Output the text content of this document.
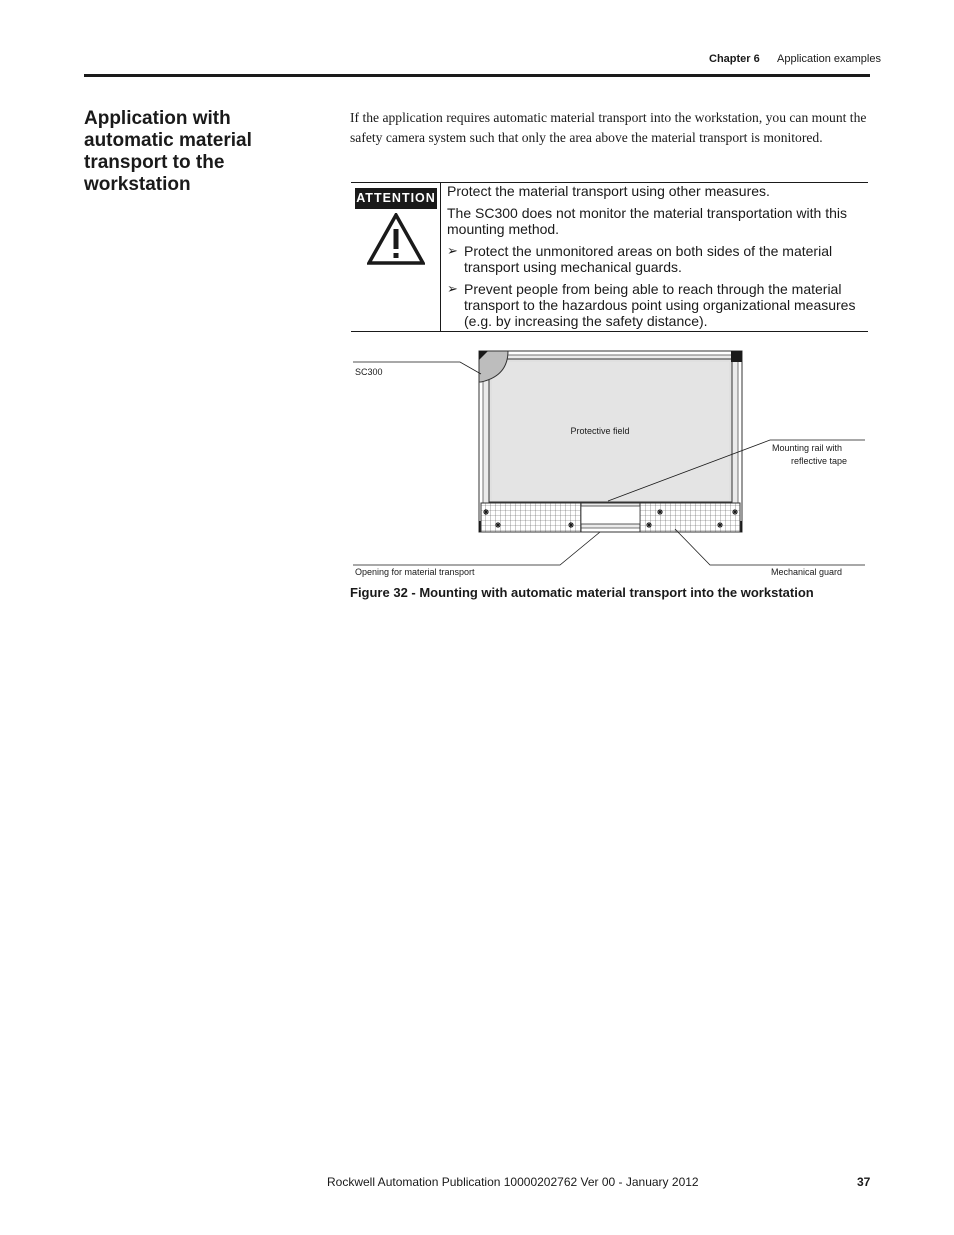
Chapter 6 Application examples
Application with automatic material transport to the workstation
If the application requires automatic material transport into the workstation, you can mount the safety camera system such that only the area above the material transport is monitored.
ATTENTION Protect the material transport using other measures.

The SC300 does not monitor the material transportation with this mounting method.

➢ Protect the unmonitored areas on both sides of the material transport using mechanical guards.
➢ Prevent people from being able to reach through the material transport to the hazardous point using organizational measures (e.g. by increasing the safety distance).
SC300
Protective field
Mounting rail with
reflective tape
Opening for material transport	Mechanical guard
Figure 32 - Mounting with automatic material transport into the workstation
Rockwell Automation Publication 10000202762 Ver 00 - January 2012	37
